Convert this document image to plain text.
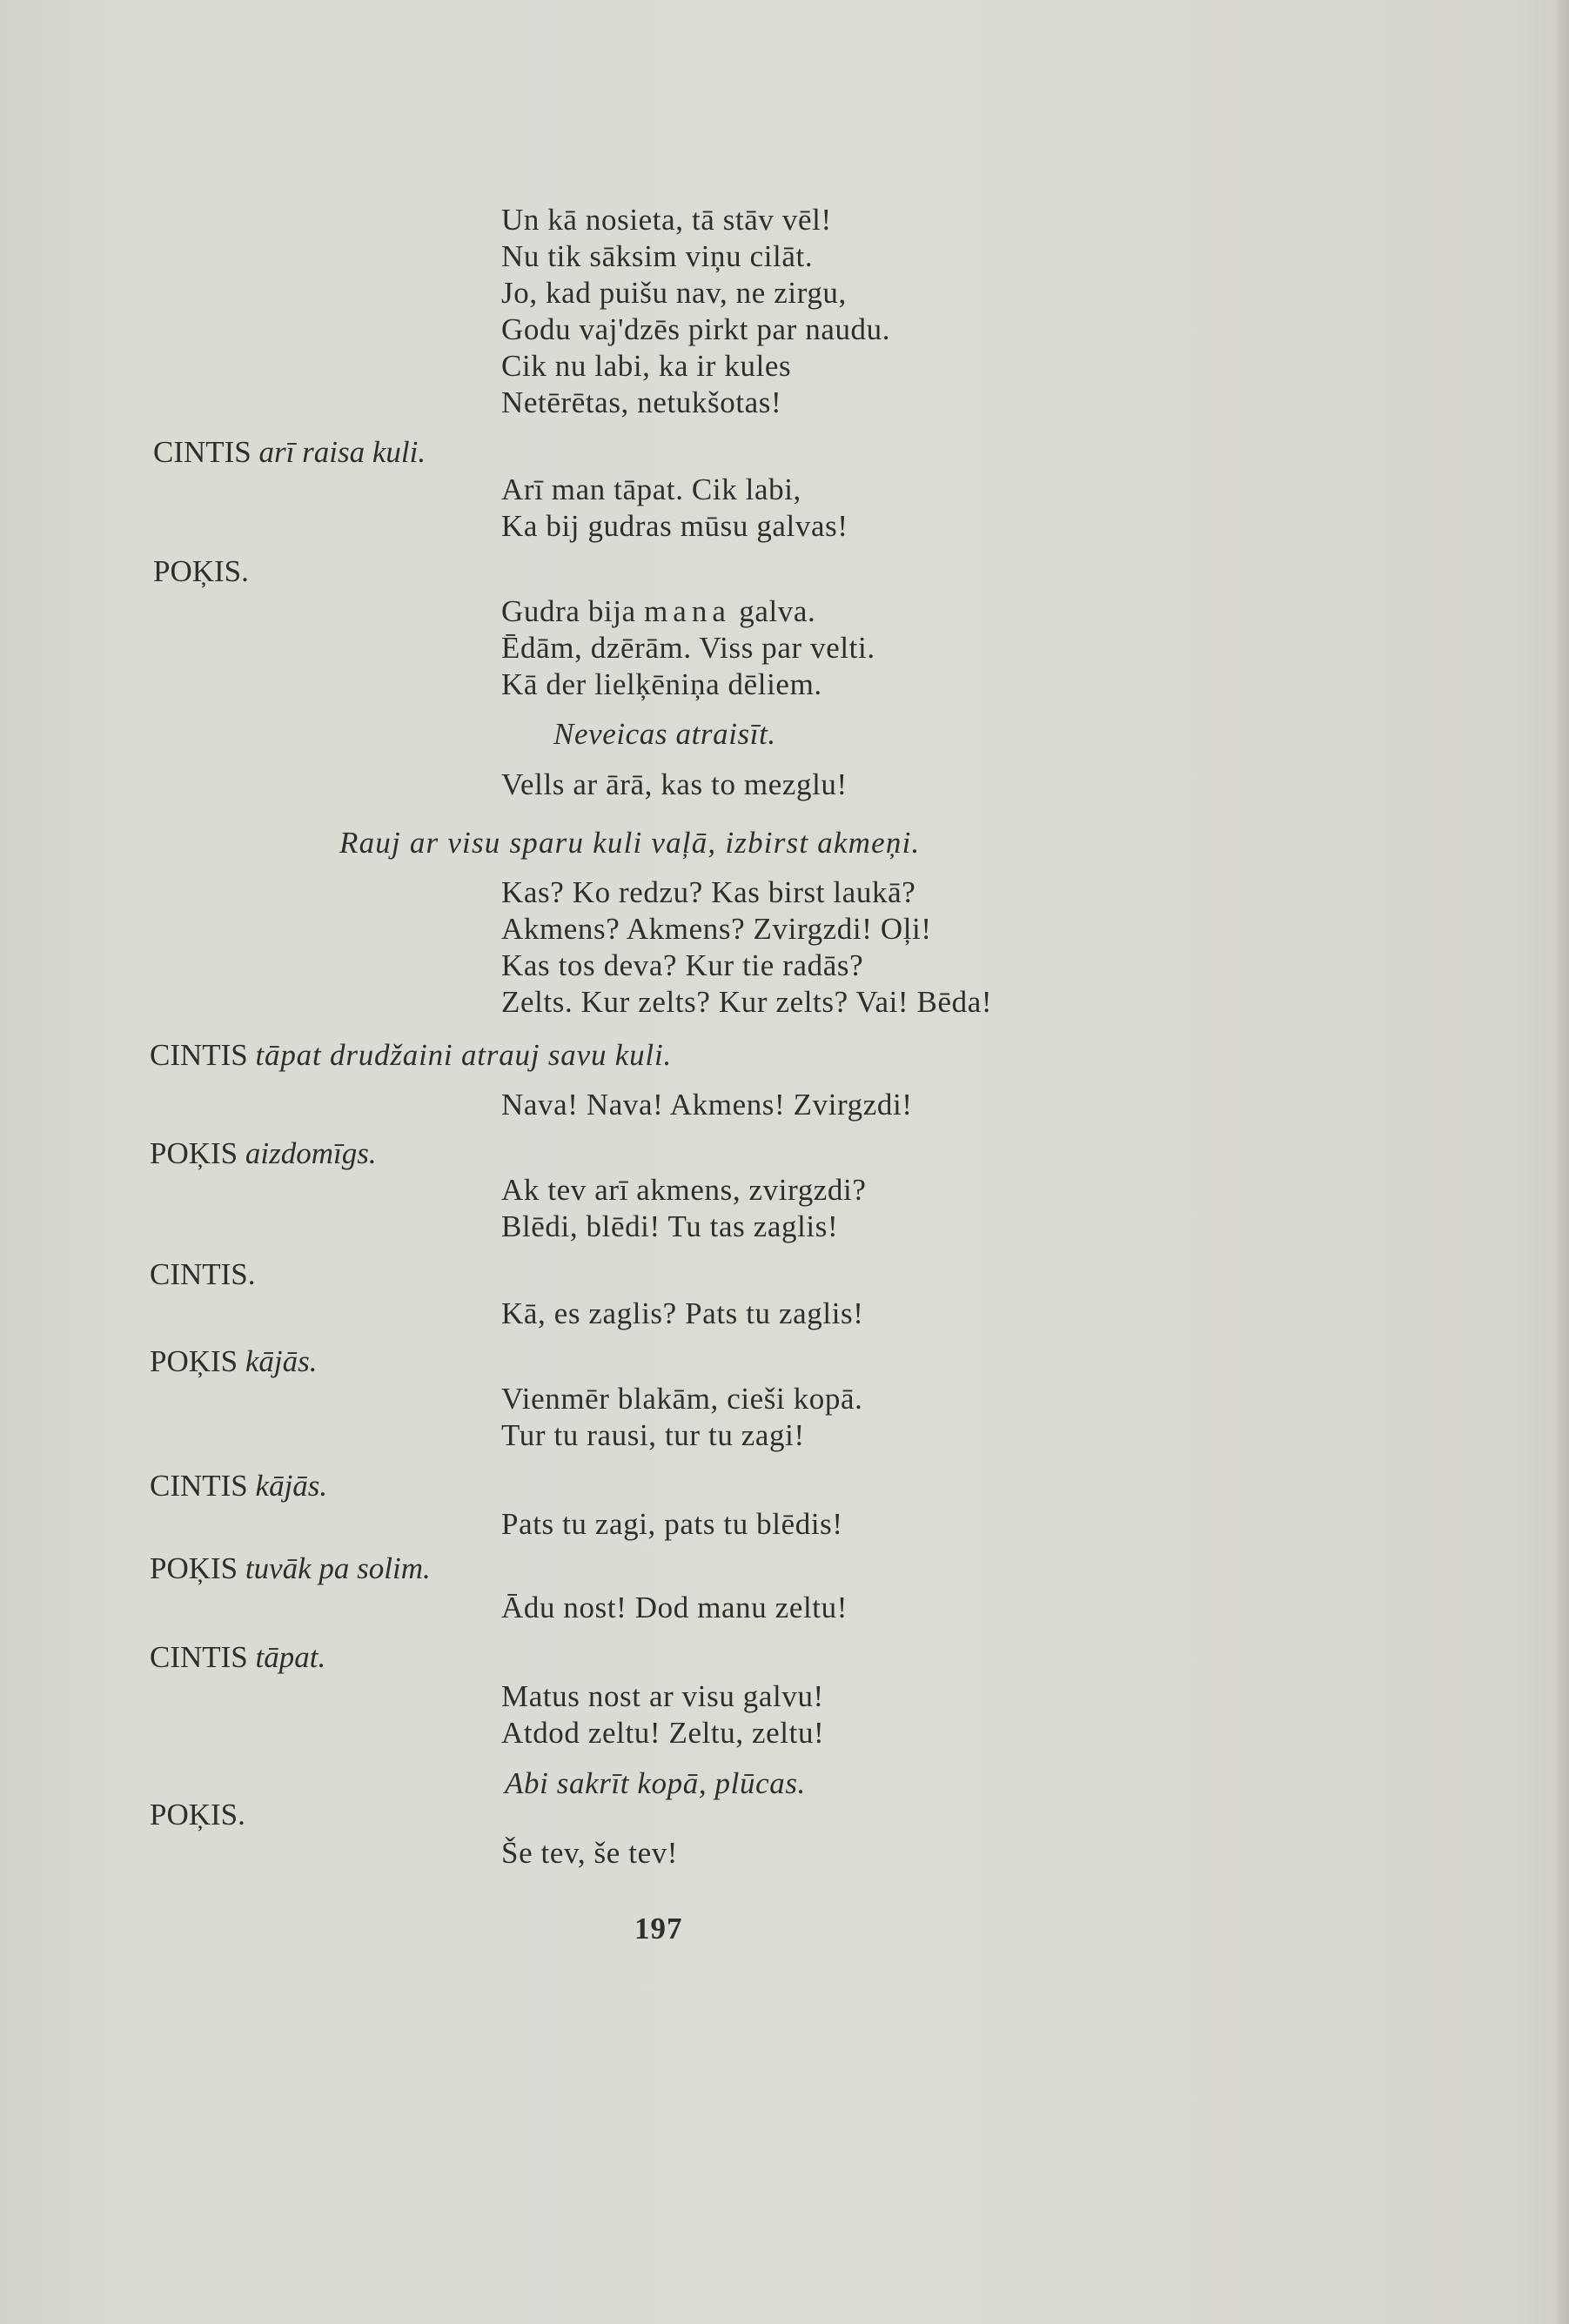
Un kā nosieta, tā stāv vēl!
Nu tik sāksim viņu cilāt.
Jo, kad puišu nav, ne zirgu,
Godu vaj'dzēs pirkt par naudu.
Cik nu labi, ka ir kules
Netērētas, netukšotas!
CINTIS arī raisa kuli.
Arī man tāpat. Cik labi,
Ka bij gudras mūsu galvas!
POĶIS.
Gudra bija mana galva.
Ēdām, dzērām. Viss par velti.
Kā der lielķēniņa dēliem.
Neveicas atraisīt.
Vells ar ārā, kas to mezglu!
Rauj ar visu sparu kuli vaļā, izbirst akmeņi.
Kas? Ko redzu? Kas birst laukā?
Akmens? Akmens? Zvirgzdi! Oļi!
Kas tos deva? Kur tie radās?
Zelts. Kur zelts? Kur zelts? Vai! Bēda!
CINTIS tāpat drudžaini atrauj savu kuli.
Nava! Nava! Akmens! Zvirgzdi!
POĶIS aizdomīgs.
Ak tev arī akmens, zvirgzdi?
Blēdi, blēdi! Tu tas zaglis!
CINTIS.
Kā, es zaglis? Pats tu zaglis!
POĶIS kājās.
Vienmēr blakām, cieši kopā.
Tur tu rausi, tur tu zagi!
CINTIS kājās.
Pats tu zagi, pats tu blēdis!
POĶIS tuvāk pa solim.
Ādu nost! Dod manu zeltu!
CINTIS tāpat.
Matus nost ar visu galvu!
Atdod zeltu! Zeltu, zeltu!
Abi sakrīt kopā, plūcas.
POĶIS.
Še tev, še tev!
197
